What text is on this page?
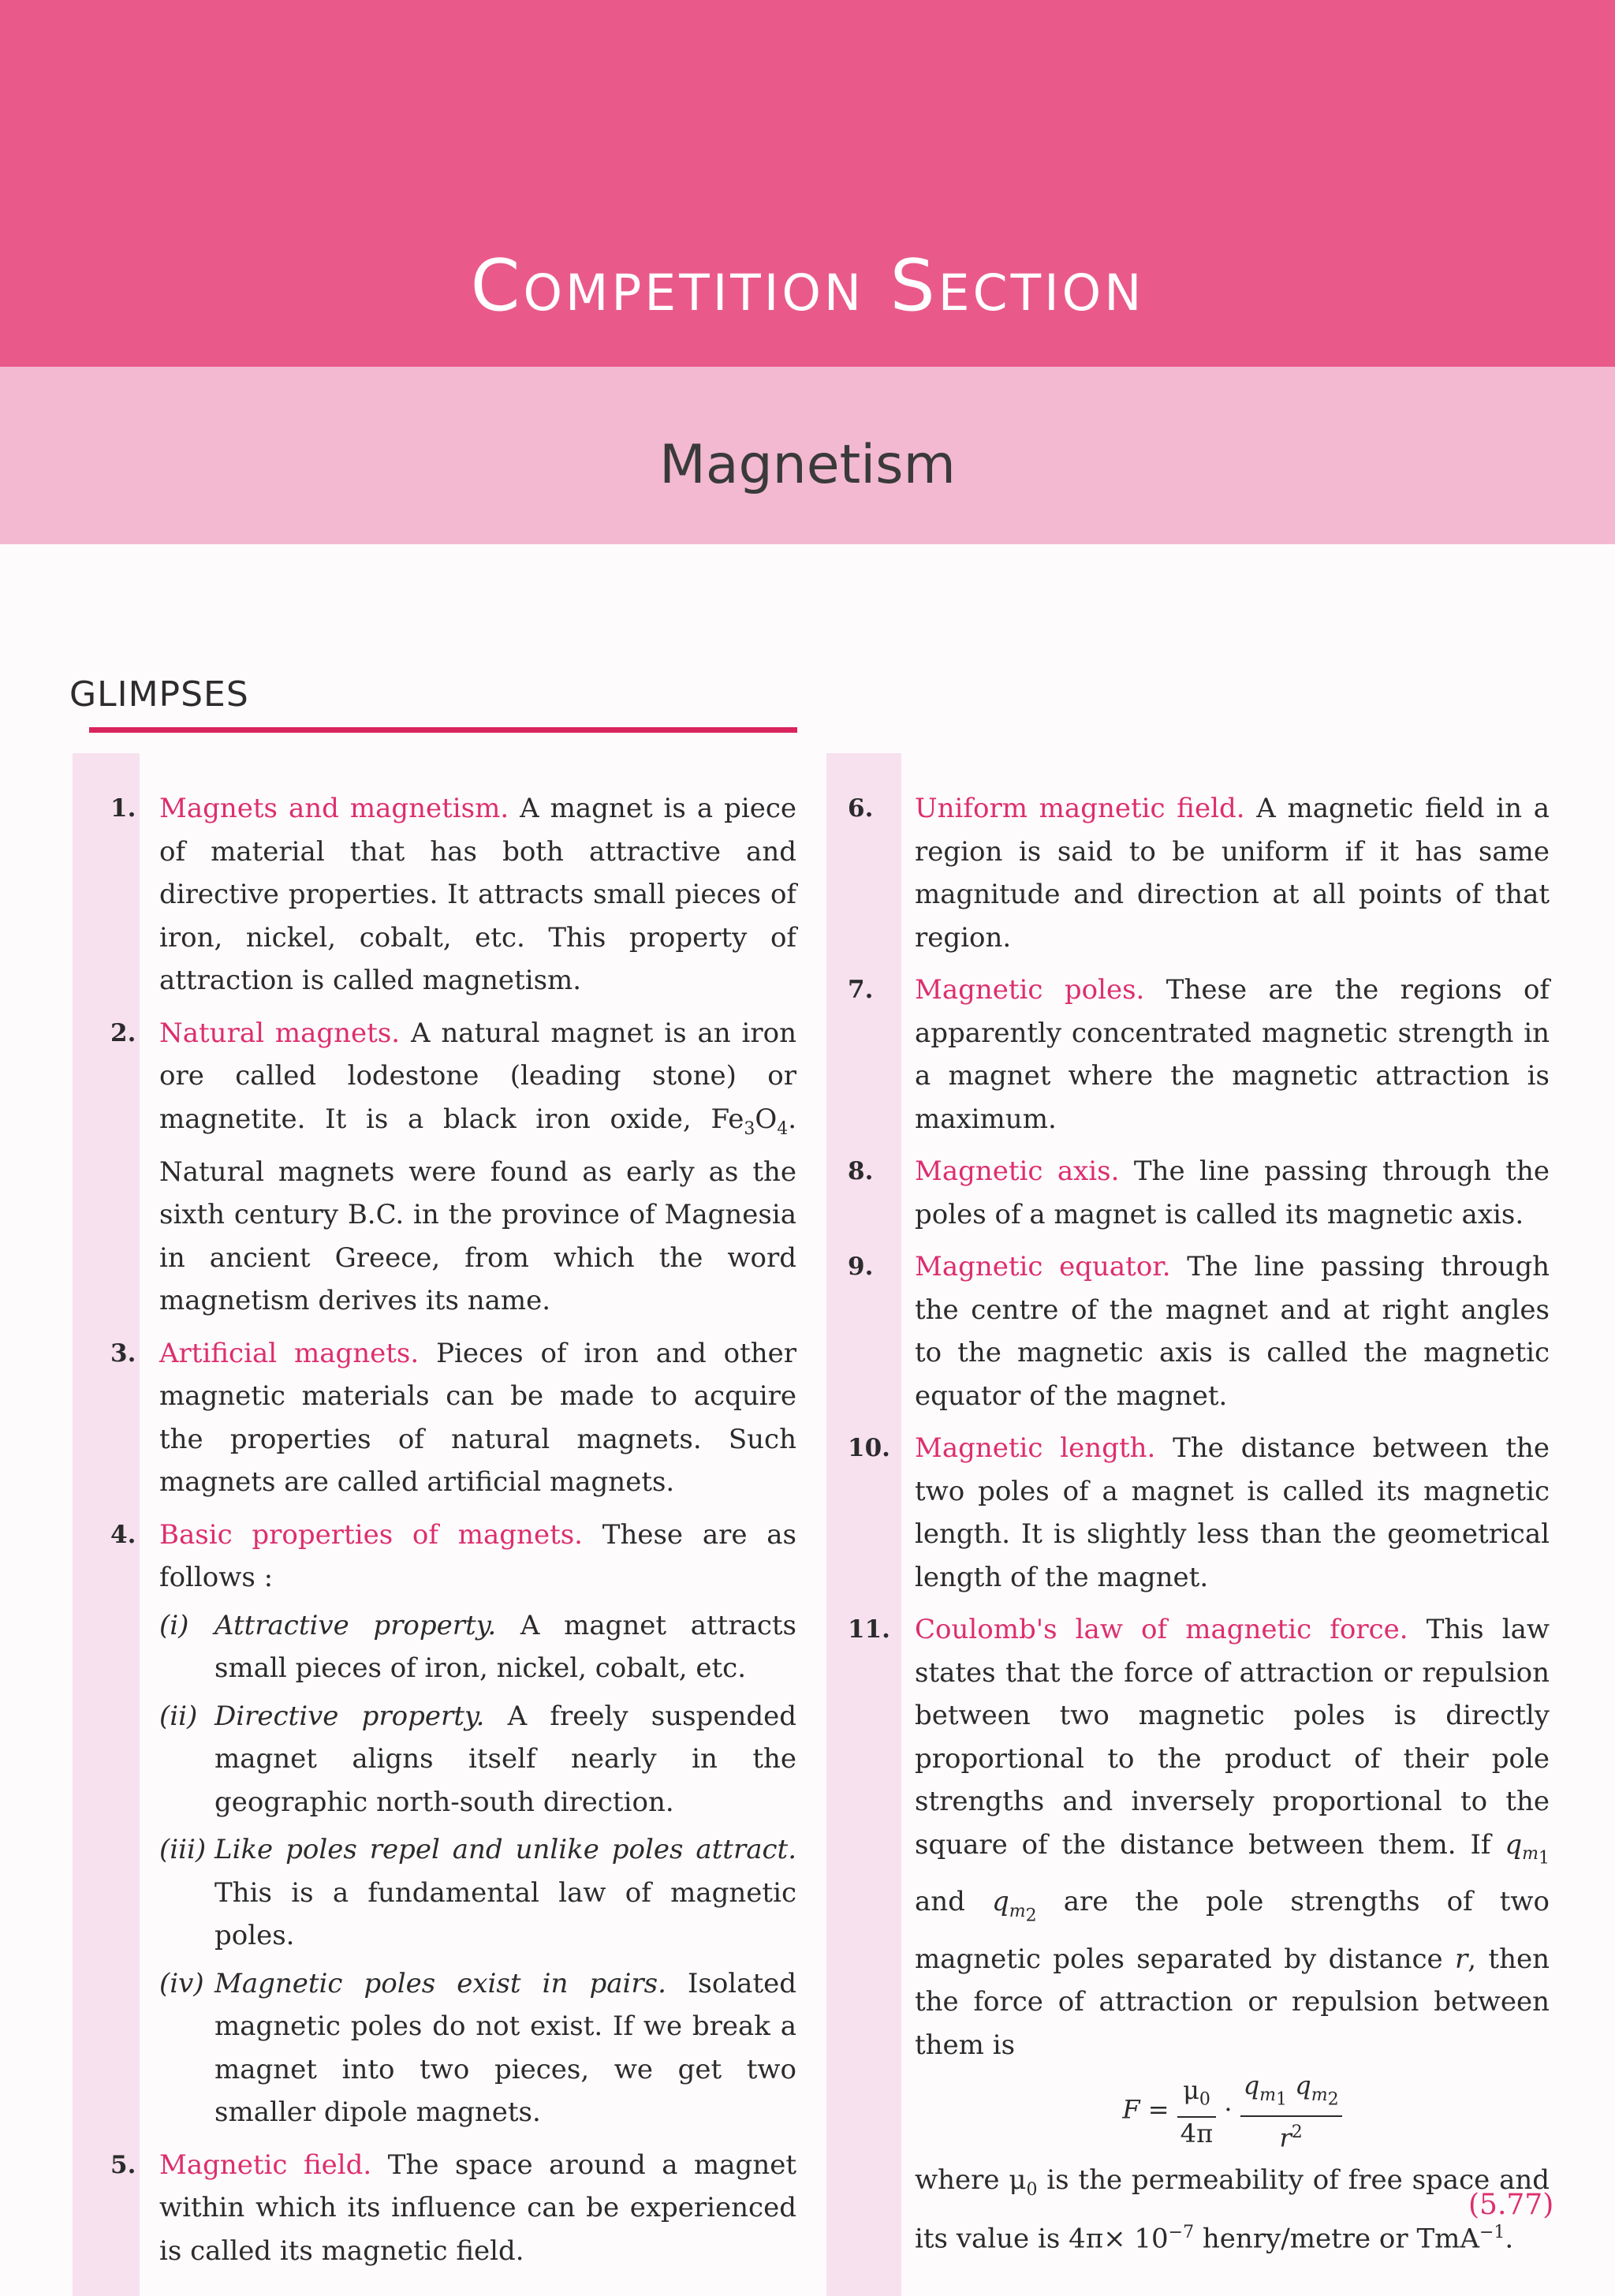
Competition Section
Magnetism
GLIMPSES
1. Magnets and magnetism. A magnet is a piece of material that has both attractive and directive properties. It attracts small pieces of iron, nickel, cobalt, etc. This property of attraction is called magnetism.
2. Natural magnets. A natural magnet is an iron ore called lodestone (leading stone) or magnetite. It is a black iron oxide, $Fe_3O_4$. Natural magnets were found as early as the sixth century B.C. in the province of Magnesia in ancient Greece, from which the word magnetism derives its name.
3. Artificial magnets. Pieces of iron and other magnetic materials can be made to acquire the properties of natural magnets. Such magnets are called artificial magnets.
4. Basic properties of magnets. These are as follows :
(i) Attractive property. A magnet attracts small pieces of iron, nickel, cobalt, etc.
(ii) Directive property. A freely suspended magnet aligns itself nearly in the geographic north-south direction.
(iii) Like poles repel and unlike poles attract. This is a fundamental law of magnetic poles.
(iv) Magnetic poles exist in pairs. Isolated magnetic poles do not exist. If we break a magnet into two pieces, we get two smaller dipole magnets.
5. Magnetic field. The space around a magnet within which its influence can be experienced is called its magnetic field.
6. Uniform magnetic field. A magnetic field in a region is said to be uniform if it has same magnitude and direction at all points of that region.
7. Magnetic poles. These are the regions of apparently concentrated magnetic strength in a magnet where the magnetic attraction is maximum.
8. Magnetic axis. The line passing through the poles of a magnet is called its magnetic axis.
9. Magnetic equator. The line passing through the centre of the magnet and at right angles to the magnetic axis is called the magnetic equator of the magnet.
10. Magnetic length. The distance between the two poles of a magnet is called its magnetic length. It is slightly less than the geometrical length of the magnet.
11. Coulomb's law of magnetic force. This law states that the force of attraction or repulsion between two magnetic poles is directly proportional to the product of their pole strengths and inversely proportional to the square of the distance between them. If $q_{m_1}$ and $q_{m_2}$ are the pole strengths of two magnetic poles separated by distance r, then the force of attraction or repulsion between them is
$F = \frac{\mu_0}{4\pi} \cdot \frac{q_{m_1} q_{m_2}}{r^2}$
where $\mu_0$ is the permeability of free space and its value is $4\pi\times 10^{-7}$ henry/metre or TmA$^{-1}$.
(5.77)
